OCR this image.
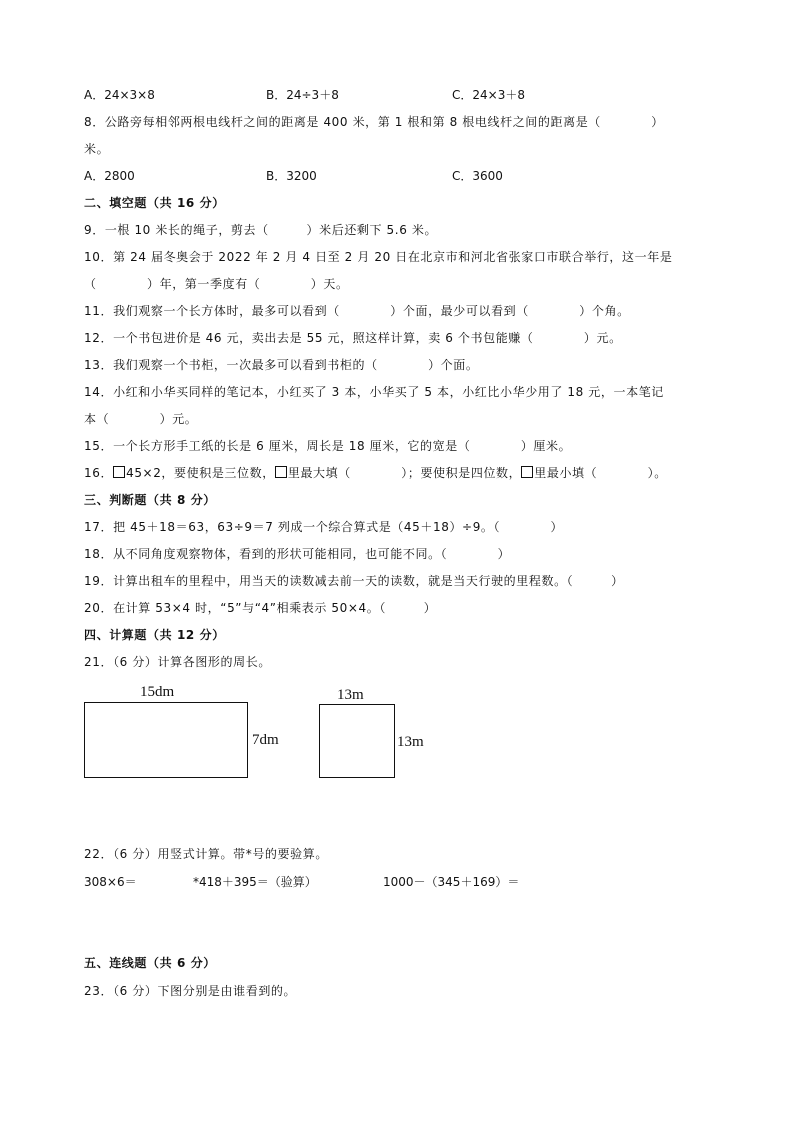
A．24×3×8	B．24÷3＋8	C．24×3＋8
8．公路旁每相邻两根电线杆之间的距离是 400 米，第 1 根和第 8 根电线杆之间的距离是（　　　　）
米。
A．2800	B．3200	C．3600
二、填空题（共 16 分）
9．一根 10 米长的绳子，剪去（　　　）米后还剩下 5.6 米。
10．第 24 届冬奥会于 2022 年 2 月 4 日至 2 月 20 日在北京市和河北省张家口市联合举行，这一年是
（　　　　）年，第一季度有（　　　　）天。
11．我们观察一个长方体时，最多可以看到（　　　　）个面，最少可以看到（　　　　）个角。
12．一个书包进价是 46 元，卖出去是 55 元，照这样计算，卖 6 个书包能赚（　　　　）元。
13．我们观察一个书柜，一次最多可以看到书柜的（　　　　）个面。
14．小红和小华买同样的笔记本，小红买了 3 本，小华买了 5 本，小红比小华少用了 18 元，一本笔记
本（　　　　）元。
15．一个长方形手工纸的长是 6 厘米，周长是 18 厘米，它的宽是（　　　　）厘米。
16． 45×2，要使积是三位数， 里最大填（　　　　）；要使积是四位数， 里最小填（　　　　）。
三、判断题（共 8 分）
17．把 45＋18＝63，63÷9＝7 列成一个综合算式是（45＋18）÷9。（　　　　）
18．从不同角度观察物体，看到的形状可能相同，也可能不同。（　　　　）
19．计算出租车的里程中，用当天的读数减去前一天的读数，就是当天行驶的里程数。（　　　）
20．在计算 53×4 时，“5”与“4”相乘表示 50×4。（　　　）
四、计算题（共 12 分）
21．（6 分）计算各图形的周长。
15dm
7dm
13m
13m
22．（6 分）用竖式计算。带*号的要验算。
308×6＝	*418＋395＝（验算）	1000－（345＋169）＝
五、连线题（共 6 分）
23．（6 分）下图分别是由谁看到的。
